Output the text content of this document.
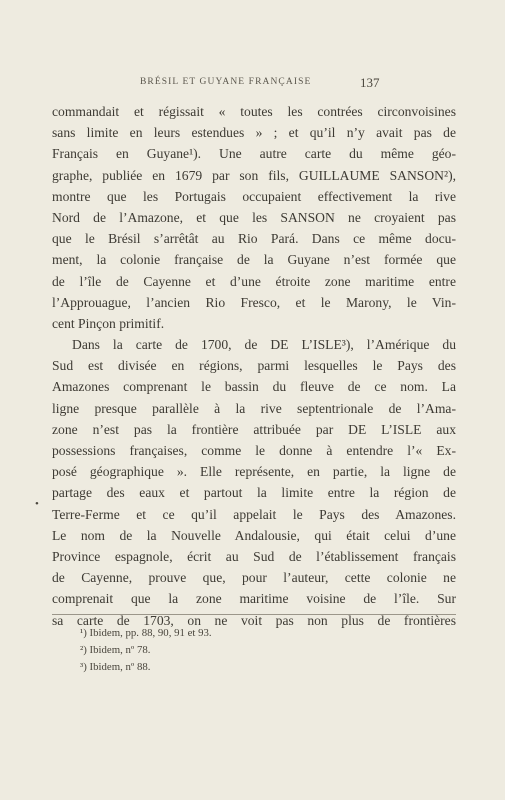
BRÉSIL ET GUYANE FRANÇAISE	137
•
commandait et régissait « toutes les contrées circonvoisines
sans limite en leurs estendues » ; et qu’il n’y avait pas de
Français en Guyane¹). Une autre carte du même géo-
graphe, publiée en 1679 par son fils, GUILLAUME SANSON²),
montre que les Portugais occupaient effectivement la rive
Nord de l’Amazone, et que les SANSON ne croyaient pas
que le Brésil s’arrêtât au Rio Pará. Dans ce même docu-
ment, la colonie française de la Guyane n’est formée que
de l’île de Cayenne et d’une étroite zone maritime entre
l’Approuague, l’ancien Rio Fresco, et le Marony, le Vin-
cent Pinçon primitif.
Dans la carte de 1700, de DE L’ISLE³), l’Amérique du
Sud est divisée en régions, parmi lesquelles le Pays des
Amazones comprenant le bassin du fleuve de ce nom. La
ligne presque parallèle à la rive septentrionale de l’Ama-
zone n’est pas la frontière attribuée par DE L’ISLE aux
possessions françaises, comme le donne à entendre l’« Ex-
posé géographique ». Elle représente, en partie, la ligne de
partage des eaux et partout la limite entre la région de
Terre-Ferme et ce qu’il appelait le Pays des Amazones.
Le nom de la Nouvelle Andalousie, qui était celui d’une
Province espagnole, écrit au Sud de l’établissement français
de Cayenne, prouve que, pour l’auteur, cette colonie ne
comprenait que la zone maritime voisine de l’île. Sur
sa carte de 1703, on ne voit pas non plus de frontières
¹) Ibidem, pp. 88, 90, 91 et 93.
²) Ibidem, nº 78.
³) Ibidem, nº 88.
